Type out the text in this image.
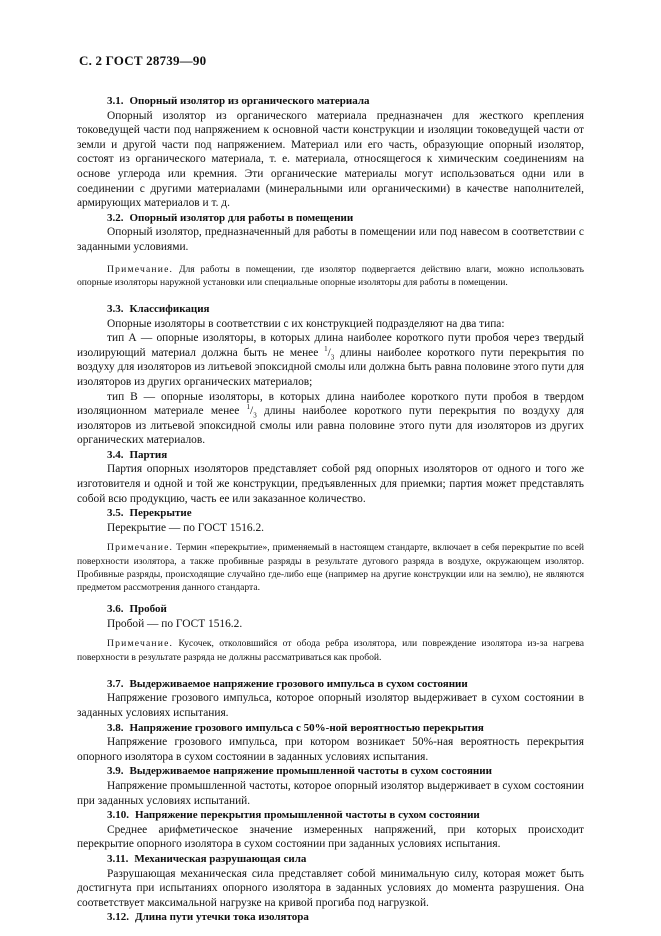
С. 2 ГОСТ 28739—90

3.1. Опорный изолятор из органического материала

Опорный изолятор из органического материала предназначен для жесткого крепления токоведущей части под напряжением к основной части конструкции и изоляции токоведущей части от земли и другой части под напряжением. Материал или его часть, образующие опорный изолятор, состоят из органического материала, т. е. материала, относящегося к химическим соединениям на основе углерода или кремния. Эти органические материалы могут использоваться одни или в соединении с другими материалами (минеральными или органическими) в качестве наполнителей, армирующих материалов и т. д.

3.2. Опорный изолятор для работы в помещении

Опорный изолятор, предназначенный для работы в помещении или под навесом в соответствии с заданными условиями.

Примечание. Для работы в помещении, где изолятор подвергается действию влаги, можно использовать опорные изоляторы наружной установки или специальные опорные изоляторы для работы в помещении.

3.3. Классификация

Опорные изоляторы в соответствии с их конструкцией подразделяют на два типа:

тип А — опорные изоляторы, в которых длина наиболее короткого пути пробоя через твердый изолирующий материал должна быть не менее $^1/_3$ длины наиболее короткого пути перекрытия по воздуху для изоляторов из литьевой эпоксидной смолы или должна быть равна половине этого пути для изоляторов из других органических материалов;

тип В — опорные изоляторы, в которых длина наиболее короткого пути пробоя в твердом изоляционном материале менее $^1/_3$ длины наиболее короткого пути перекрытия по воздуху для изоляторов из литьевой эпоксидной смолы или равна половине этого пути для изоляторов из других органических материалов.

3.4. Партия

Партия опорных изоляторов представляет собой ряд опорных изоляторов от одного и того же изготовителя и одной и той же конструкции, предъявленных для приемки; партия может представлять собой всю продукцию, часть ее или заказанное количество.

3.5. Перекрытие

Перекрытие — по ГОСТ 1516.2.

Примечание. Термин «перекрытие», применяемый в настоящем стандарте, включает в себя перекрытие по всей поверхности изолятора, а также пробивные разряды в результате дугового разряда в воздухе, окружающем изолятор. Пробивные разряды, происходящие случайно где-либо еще (например на другие конструкции или на землю), не являются предметом рассмотрения данного стандарта.

3.6. Пробой

Пробой — по ГОСТ 1516.2.

Примечание. Кусочек, отколовшийся от обода ребра изолятора, или повреждение изолятора из-за нагрева поверхности в результате разряда не должны рассматриваться как пробой.

3.7. Выдерживаемое напряжение грозового импульса в сухом состоянии

Напряжение грозового импульса, которое опорный изолятор выдерживает в сухом состоянии в заданных условиях испытания.

3.8. Напряжение грозового импульса с 50%-ной вероятностью перекрытия

Напряжение грозового импульса, при котором возникает 50%-ная вероятность перекрытия опорного изолятора в сухом состоянии в заданных условиях испытания.

3.9. Выдерживаемое напряжение промышленной частоты в сухом состоянии

Напряжение промышленной частоты, которое опорный изолятор выдерживает в сухом состоянии при заданных условиях испытаний.

3.10. Напряжение перекрытия промышленной частоты в сухом состоянии

Среднее арифметическое значение измеренных напряжений, при которых происходит перекрытие опорного изолятора в сухом состоянии при заданных условиях испытания.

3.11. Механическая разрушающая сила

Разрушающая механическая сила представляет собой минимальную силу, которая может быть достигнута при испытаниях опорного изолятора в заданных условиях до момента разрушения. Она соответствует максимальной нагрузке на кривой прогиба под нагрузкой.

3.12. Длина пути утечки тока изолятора
